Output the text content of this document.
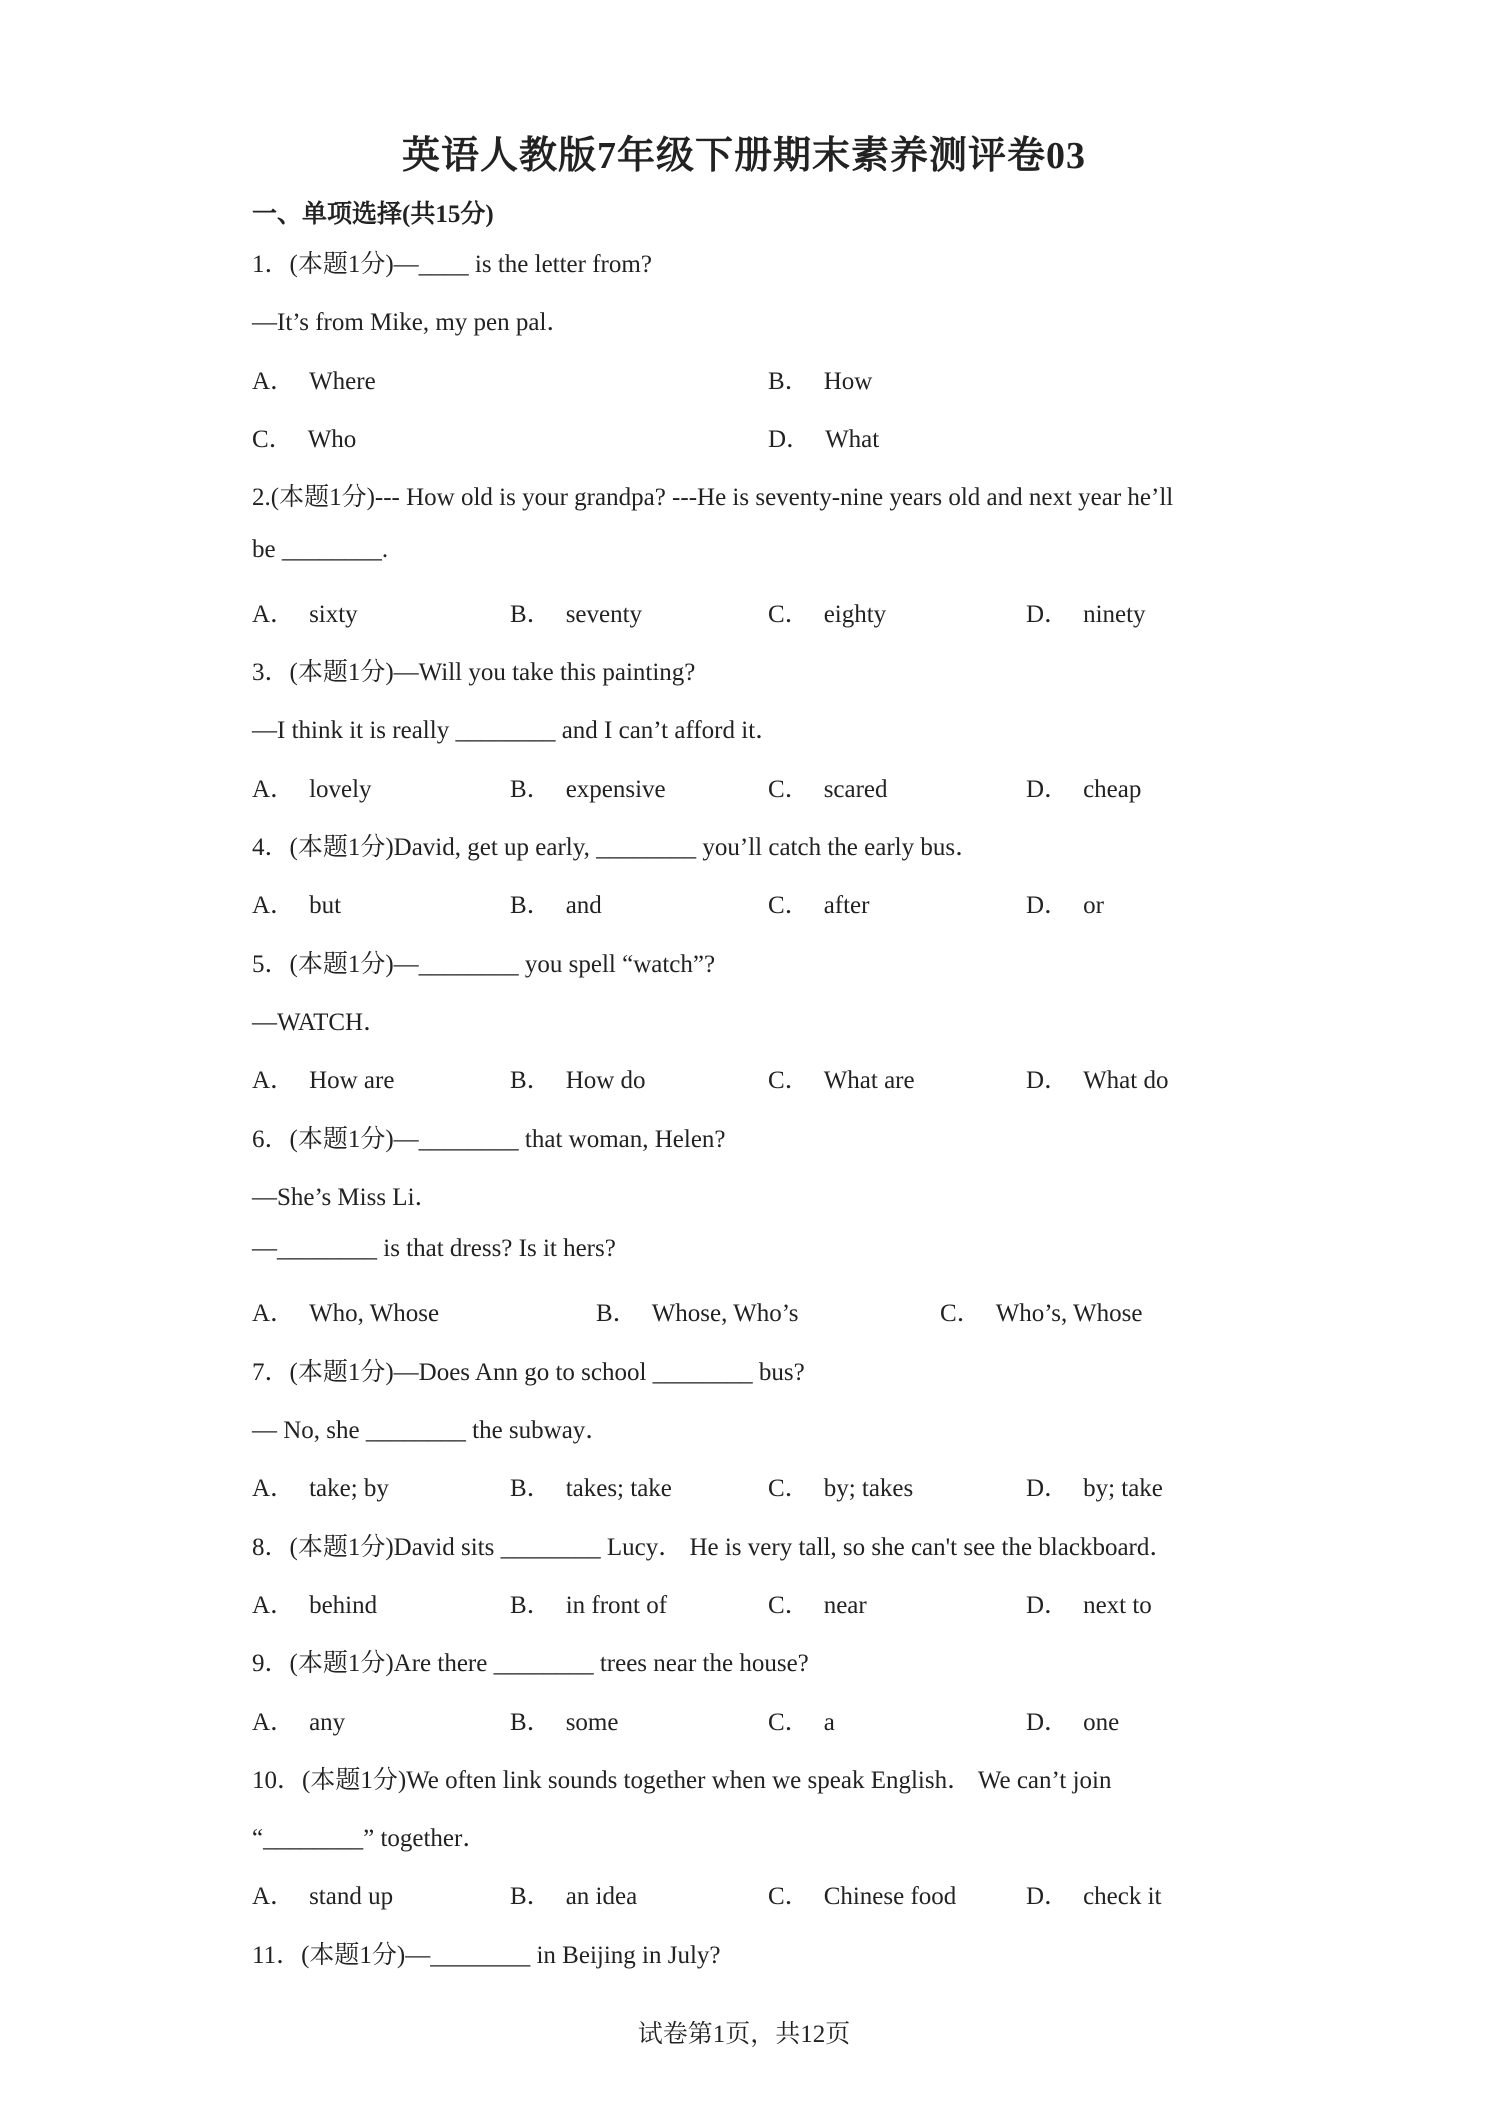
英语人教版7年级下册期末素养测评卷03
一、单项选择(共15分)
1．(本题1分)—____ is the letter from?
—It’s from Mike, my pen pal．
A． Where	B． How
C． Who	D． What
2.(本题1分)--- How old is your grandpa? ---He is seventy-nine years old and next year he’ll
be ________.
A． sixty	B． seventy	C． eighty	D． ninety
3．(本题1分)—Will you take this painting?
—I think it is really ________ and I can’t afford it．
A． lovely	B． expensive	C． scared	D． cheap
4．(本题1分)David, get up early, ________ you’ll catch the early bus．
A． but	B． and	C． after	D． or
5．(本题1分)—________ you spell “watch”?
—WATCH．
A． How are	B． How do	C． What are	D． What do
6．(本题1分)—________ that woman, Helen?
—She’s Miss Li．
—________ is that dress? Is it hers?
A． Who, Whose	B． Whose, Who’s	C． Who’s, Whose
7．(本题1分)—Does Ann go to school ________ bus?
— No, she ________ the subway．
A． take; by	B． takes; take	C． by; takes	D． by; take
8．(本题1分)David sits ________ Lucy． He is very tall, so she can't see the blackboard．
A． behind	B． in front of	C． near	D． next to
9．(本题1分)Are there ________ trees near the house?
A． any	B． some	C． a	D． one
10．(本题1分)We often link sounds together when we speak English． We can’t join
“________” together．
A． stand up	B． an idea	C． Chinese food	D． check it
11．(本题1分)—________ in Beijing in July?
试卷第1页，共12页
